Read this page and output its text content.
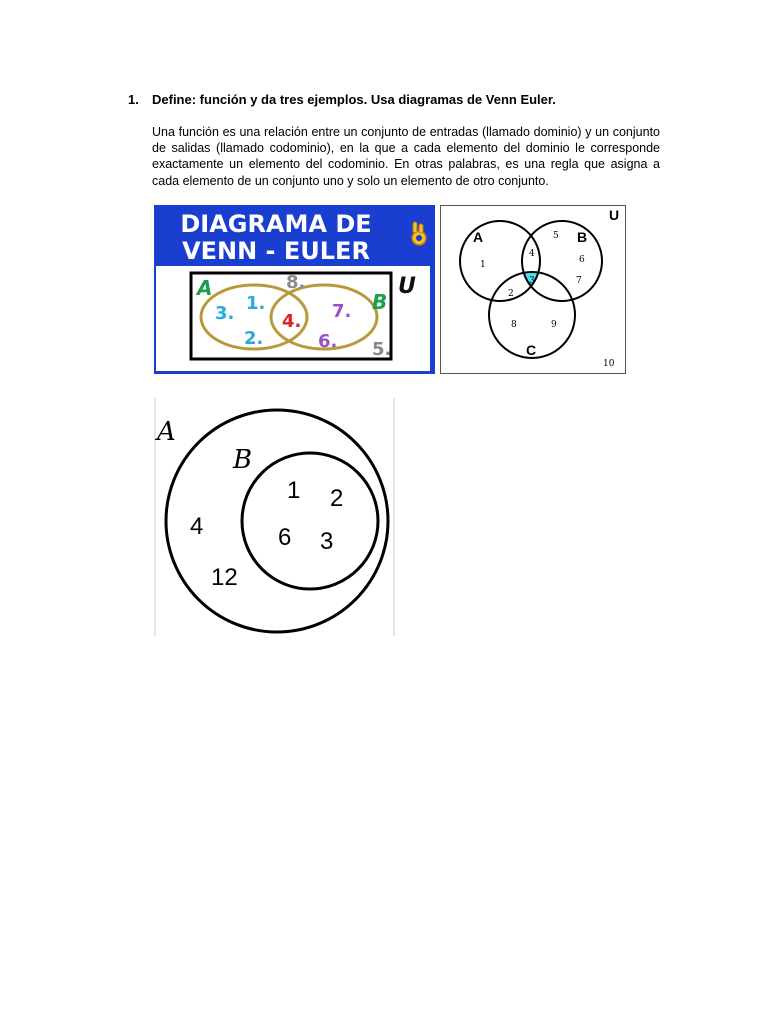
1. Define: función y da tres ejemplos. Usa diagramas de Venn Euler.

Una función es una relación entre un conjunto de entradas (llamado dominio) y un conjunto de salidas (llamado codominio), en la que a cada elemento del dominio le corresponde exactamente un elemento del codominio. En otras palabras, es una regla que asigna a cada elemento de un conjunto uno y solo un elemento de otro conjunto.

DIAGRAMA DE
VENN - EULER
A
B
U
3. 1.
2.
4. 7.
6.
8.
5.
U
A	B
C
1
4
5
6
7
3
2
8	9
10
A
B
1 2
6 3
4
12
